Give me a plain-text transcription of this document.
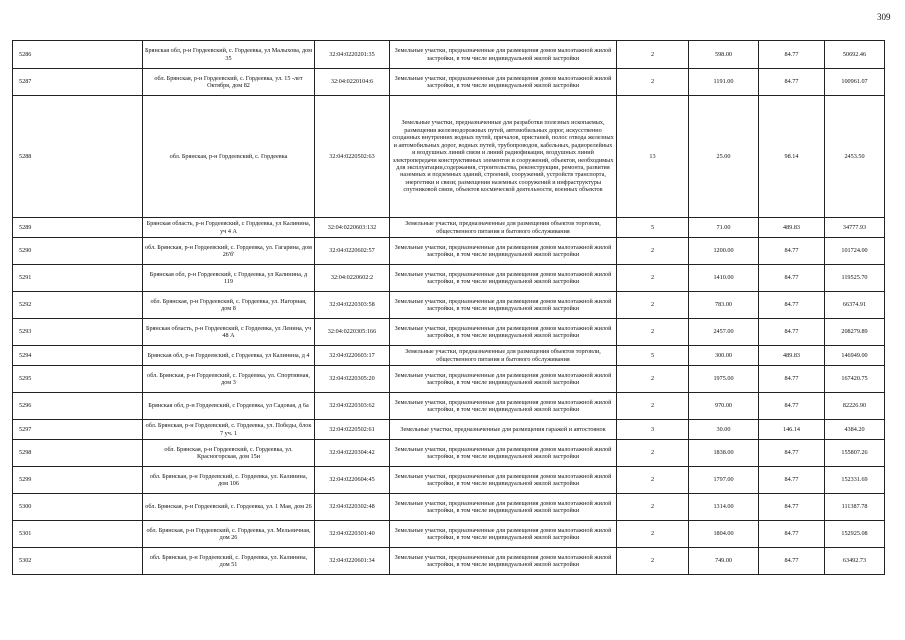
309
5286	Брянская обл, р-н Гордеевский, с. Гордеевка, ул Малыхова, дом 35	32:04:0220201:35	Земельные участки, предназначенные для размещения домов малоэтажной жилой застройки, в том числе индивидуальной жилой застройки	2	598.00	84.77	50692.46
5287	обл. Брянская, р-н Гордеевский, с. Гордеевка, ул. 15 -лет Октября, дом 82	32:04:0220104:6	Земельные участки, предназначенные для размещения домов малоэтажной жилой застройки, в том числе индивидуальной жилой застройки	2	1191.00	84.77	100961.07
5288	обл. Брянская, р-н Гордеевский, с. Гордеевка	32:04:0220502:63	Земельные участки, предназначенные для разработки полезных ископаемых, размещения железнодорожных путей, автомобильных дорог, искусственно созданных внутренних водных путей, причалов, пристаней, полос отвода железных и автомобильных дорог, водных путей, трубопроводов, кабельных, радиорелейных и воздушных линий связи и линий радиофикации, воздушных линий электропередачи конструктивных элементов и сооружений, объектов, необходимых для эксплуатации,содержания, строительства, реконструкции, ремонта, развития наземных и подземных зданий, строений, сооружений, устройств транспорта, энергетики и связи; размещения наземных сооружений и инфраструктуры спутниковой связи, объектов космической деятельности, военных объектов	13	25.00	98.14	2453.50
5289	Брянская область, р-н Гордеевский, с Гордеевка, ул Калинина, уч 4 А	32:04:0220603:132	Земельные участки, предназначенные для размещения объектов торговли, общественного питания и бытового обслуживания	5	71.00	489.83	34777.93
5290	обл. Брянская, р-н Гордеевский, с. Гордеевка, ул. Гагарина, дом 26'б'	32:04:0220602:57	Земельные участки, предназначенные для размещения домов малоэтажной жилой застройки, в том числе индивидуальной жилой застройки	2	1200.00	84.77	101724.00
5291	Брянская обл, р-н Гордеевский, с Гордеевка, ул Калинина, д 119	32:04:0220602:2	Земельные участки, предназначенные для размещения домов малоэтажной жилой застройки, в том числе индивидуальной жилой застройки	2	1410.00	84.77	119525.70
5292	обл. Брянская, р-н Гордеевский, с. Гордеевка, ул. Нагорная, дом 8	32:04:0220303:58	Земельные участки, предназначенные для размещения домов малоэтажной жилой застройки, в том числе индивидуальной жилой застройки	2	783.00	84.77	66374.91
5293	Брянская область, р-н Гордеевский, с Гордеевка, ул Ленина, уч 48 А	32:04:0220305:166	Земельные участки, предназначенные для размещения домов малоэтажной жилой застройки, в том числе индивидуальной жилой застройки	2	2457.00	84.77	208279.89
5294	Брянская обл, р-н Гордеевский, с Гордеевка, ул Калинина, д 4	32:04:0220603:17	Земельные участки, предназначенные для размещения объектов торговли, общественного питания и бытового обслуживания	5	300.00	489.83	146949.00
5295	обл. Брянская, р-н Гордеевский, с. Гордеевка, ул. Спортивная, дом 3	32:04:0220305:20	Земельные участки, предназначенные для размещения домов малоэтажной жилой застройки, в том числе индивидуальной жилой застройки	2	1975.00	84.77	167420.75
5296	Брянская обл, р-н Гордеевский, с Гордеевка, ул Садовая, д 6а	32:04:0220303:62	Земельные участки, предназначенные для размещения домов малоэтажной жилой застройки, в том числе индивидуальной жилой застройки	2	970.00	84.77	82226.90
5297	обл. Брянская, р-н Гордеевский, с. Гордеевка, ул. Победы, блок 7 уч. 1	32:04:0220502:61	Земельные участки, предназначенные для размещения гаражей и автостоянок	3	30.00	146.14	4384.20
5298	обл. Брянская, р-н Гордеевский, с. Гордеевка, ул. Красногорская, дом 15и	32:04:0220304:42	Земельные участки, предназначенные для размещения домов малоэтажной жилой застройки, в том числе индивидуальной жилой застройки	2	1838.00	84.77	155807.26
5299	обл. Брянская, р-н Гордеевский, с. Гордеевка, ул. Калинина, дом 106	32:04:0220604:45	Земельные участки, предназначенные для размещения домов малоэтажной жилой застройки, в том числе индивидуальной жилой застройки	2	1797.00	84.77	152331.69
5300	обл. Брянская, р-н Гордеевский, с. Гордеевка, ул. 1 Мая, дом 26	32:04:0220302:48	Земельные участки, предназначенные для размещения домов малоэтажной жилой застройки, в том числе индивидуальной жилой застройки	2	1314.00	84.77	111387.78
5301	обл. Брянская, р-н Гордеевский, с. Гордеевка, ул. Мельничная, дом 26	32:04:0220301:40	Земельные участки, предназначенные для размещения домов малоэтажной жилой застройки, в том числе индивидуальной жилой застройки	2	1804.00	84.77	152925.08
5302	обл. Брянская, р-н Гордеевский, с. Гордеевка, ул. Калинина, дом 51	32:04:0220601:34	Земельные участки, предназначенные для размещения домов малоэтажной жилой застройки, в том числе индивидуальной жилой застройки	2	749.00	84.77	63492.73
